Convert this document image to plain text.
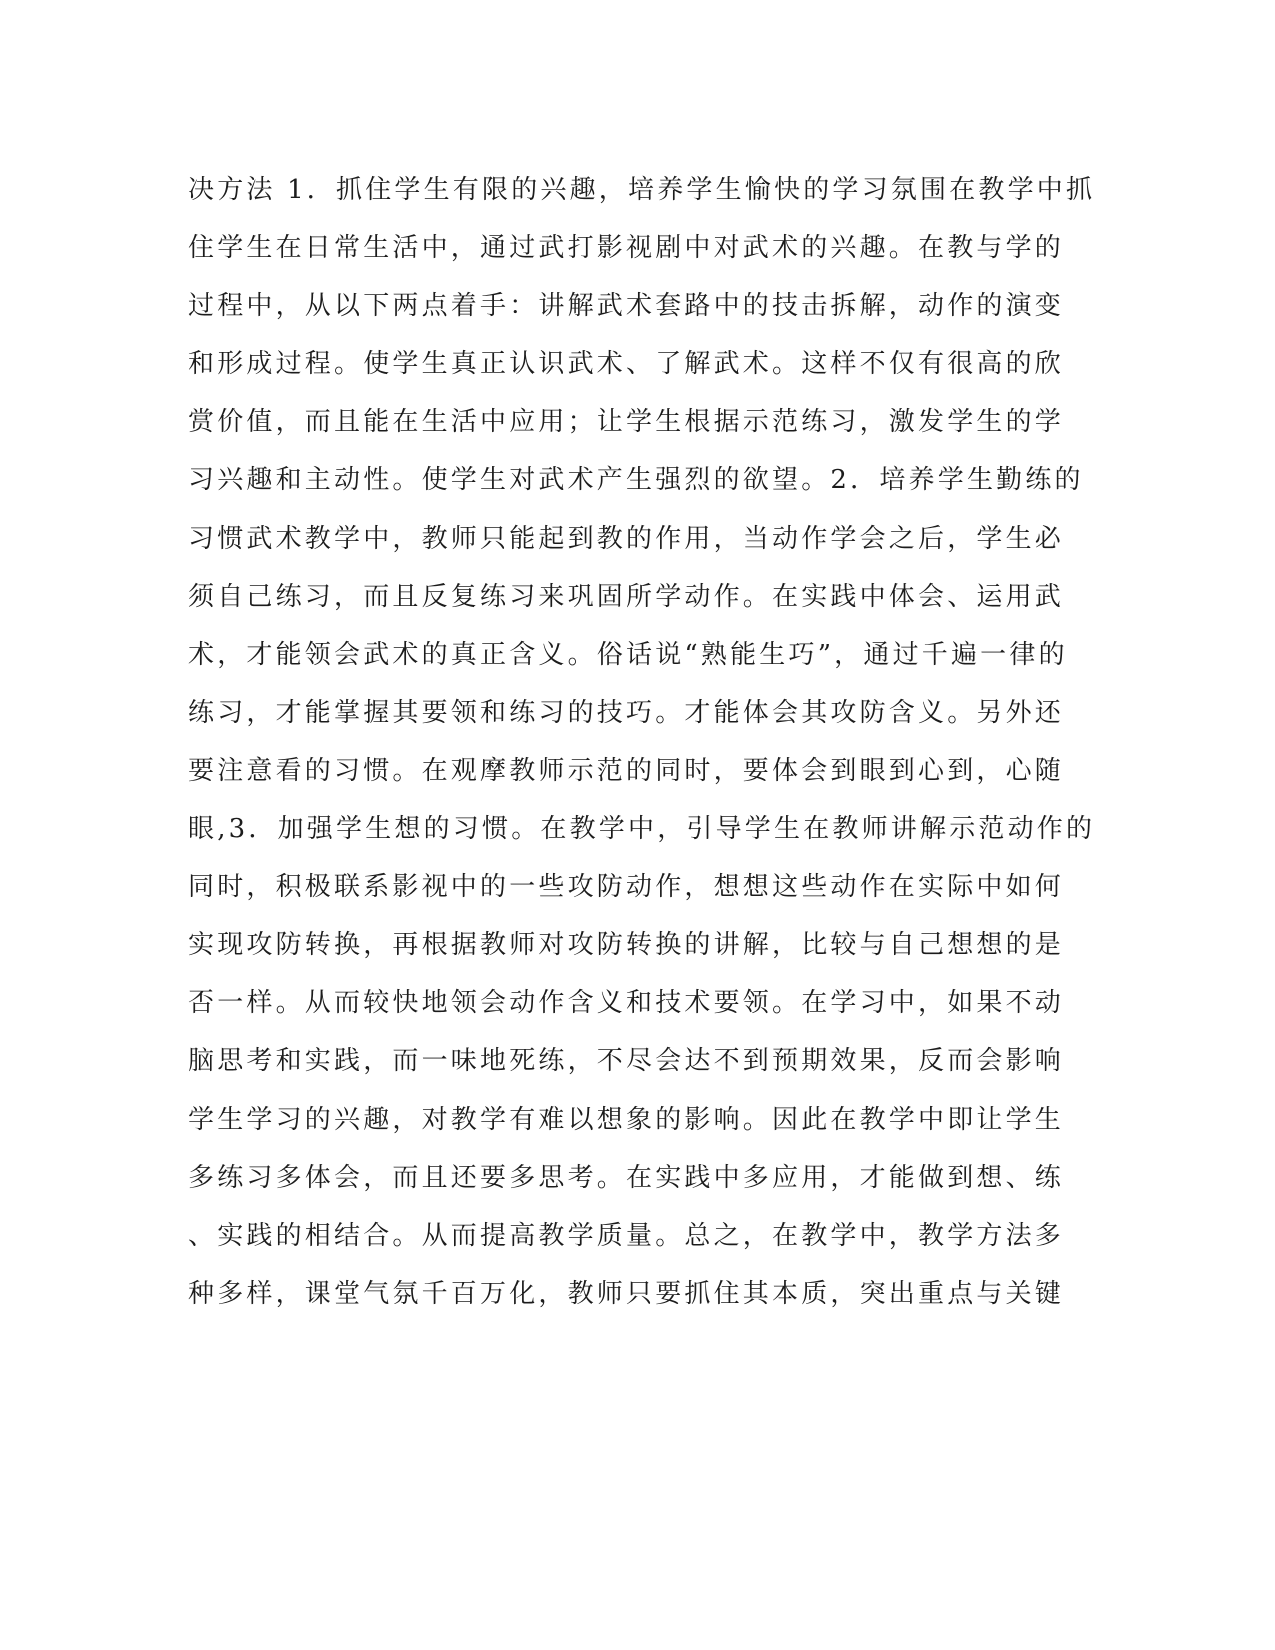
决方法 1．抓住学生有限的兴趣，培养学生愉快的学习氛围在教学中抓
住学生在日常生活中，通过武打影视剧中对武术的兴趣。在教与学的
过程中，从以下两点着手：讲解武术套路中的技击拆解，动作的演变
和形成过程。使学生真正认识武术、了解武术。这样不仅有很高的欣
赏价值，而且能在生活中应用；让学生根据示范练习，激发学生的学
习兴趣和主动性。使学生对武术产生强烈的欲望。2．培养学生勤练的
习惯武术教学中，教师只能起到教的作用，当动作学会之后，学生必
须自己练习，而且反复练习来巩固所学动作。在实践中体会、运用武
术，才能领会武术的真正含义。俗话说“熟能生巧”，通过千遍一律的
练习，才能掌握其要领和练习的技巧。才能体会其攻防含义。另外还
要注意看的习惯。在观摩教师示范的同时，要体会到眼到心到，心随
眼,3．加强学生想的习惯。在教学中，引导学生在教师讲解示范动作的
同时，积极联系影视中的一些攻防动作，想想这些动作在实际中如何
实现攻防转换，再根据教师对攻防转换的讲解，比较与自己想想的是
否一样。从而较快地领会动作含义和技术要领。在学习中，如果不动
脑思考和实践，而一味地死练，不尽会达不到预期效果，反而会影响
学生学习的兴趣，对教学有难以想象的影响。因此在教学中即让学生
多练习多体会，而且还要多思考。在实践中多应用，才能做到想、练
、实践的相结合。从而提高教学质量。总之，在教学中，教学方法多
种多样，课堂气氛千百万化，教师只要抓住其本质，突出重点与关键
